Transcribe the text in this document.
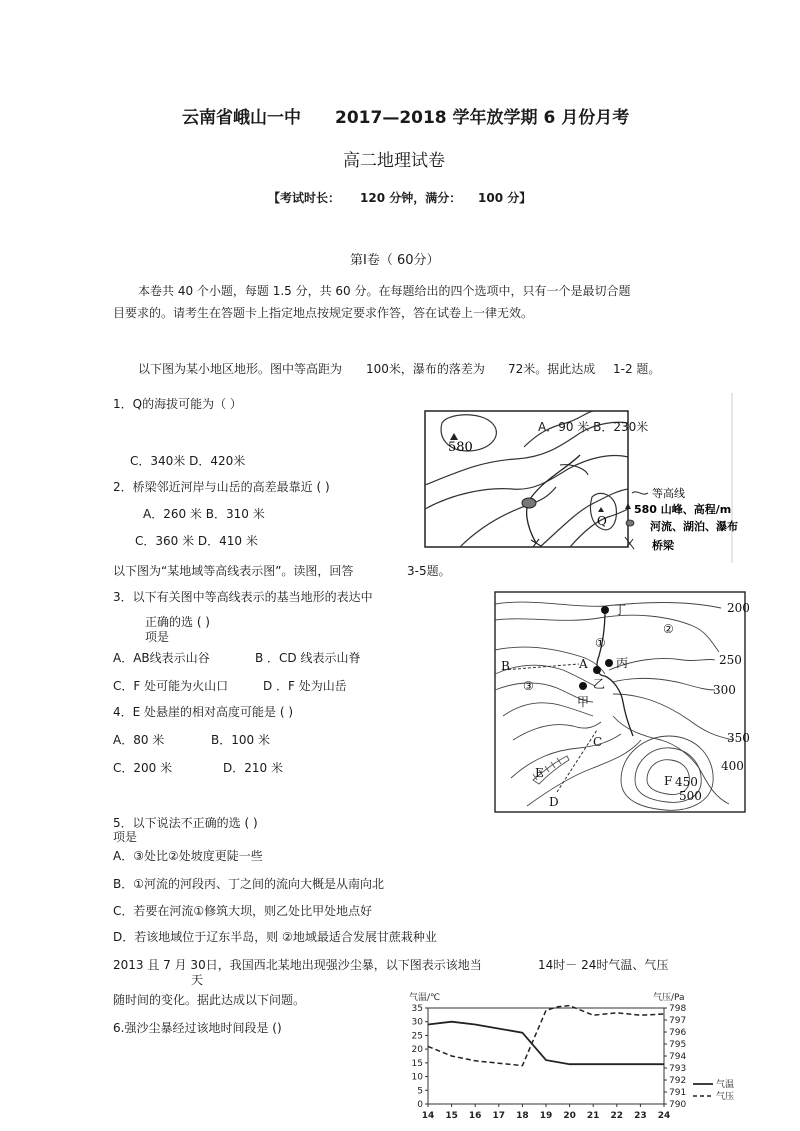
云南省峨山一中 2017—2018 学年放学期 6 月份月考
高二地理试卷
【考试时长： 120 分钟，满分： 100 分】
第Ⅰ卷（ 60分）
本卷共 40 个小题，每题 1.5 分，共 60 分。在每题给出的四个选项中，只有一个是最切合题
目要求的。请考生在答题卡上指定地点按规定要求作答，答在试卷上一律无效。
以下图为某小地区地形。图中等高距为 100米，瀑布的落差为 72米。据此达成 1-2 题。
1．Q的海拔可能为（ ）
C．340米 D．420米
2．桥梁邻近河岸与山岳的高差最靠近 ( )
A．260 米 B．310 米
C．360 米 D．410 米
580
Q
等高线
580 山峰、高程/m
河流、湖泊、瀑布
桥梁
A．90 米 B．230米
以下图为“某地域等高线表示图”。读图，回答	3-5题。
3．以下有关图中等高线表示的基当地形的表达中
正确的选 ( )
项是
A．AB线表示山谷	B ．CD 线表示山脊
C．F 处可能为火山口	D ．F 处为山岳
4．E 处悬崖的相对高度可能是 ( )
A．80 米	B．100 米
C．200 米	D．210 米
丁
丙
乙
甲
A
B
C
D
E
F
①
②
③
200
250
300
350
400
450
500
5．以下说法不正确的选 ( )
项是
A．③处比②处坡度更陡一些
B．①河流的河段丙、丁之间的流向大概是从南向北
C．若要在河流①修筑大坝，则乙处比甲处地点好
D．若该地域位于辽东半岛，则 ②地域最适合发展甘蔗栽种业
2013 且 7 月 30日，我国西北某地出现强沙尘暴，以下图表示该地当
天
14时－ 24时气温、气压
随时间的变化。据此达成以下问题。
6.强沙尘暴经过该地时间段是 ()
气温/℃	气压/Pa
0
5
10
15
20
25
30
35
790
791
792
793
794
795
796
797
798
14 15 16 17 18 19 20 21 22 23 24
气温
气压
